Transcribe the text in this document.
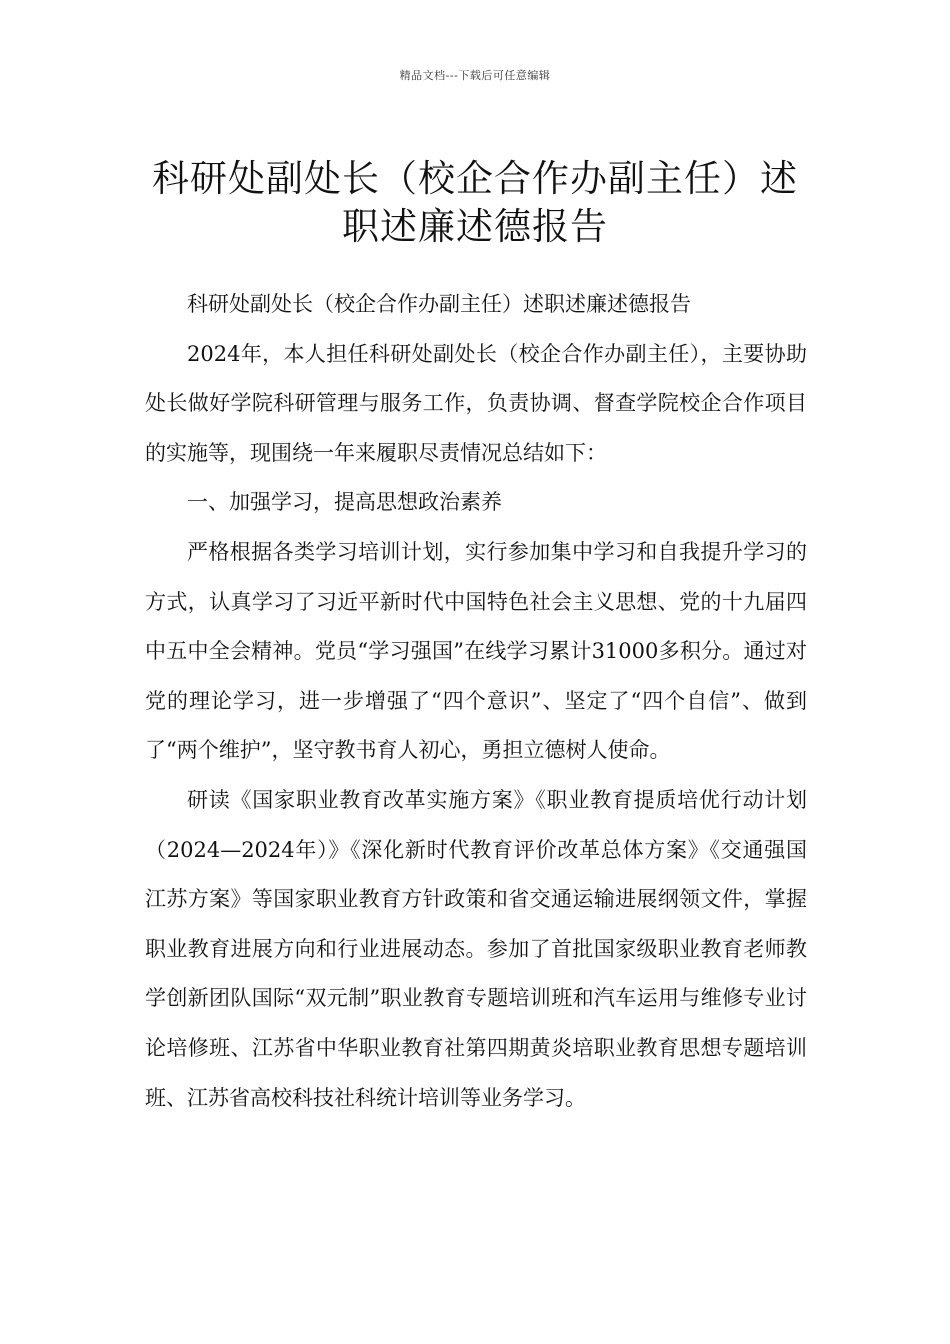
精品文档---下载后可任意编辑
科研处副处长（校企合作办副主任）述职述廉述德报告

科研处副处长（校企合作办副主任）述职述廉述德报告

2024年，本人担任科研处副处长（校企合作办副主任），主要协助处长做好学院科研管理与服务工作，负责协调、督查学院校企合作项目的实施等，现围绕一年来履职尽责情况总结如下：

一、加强学习，提高思想政治素养

严格根据各类学习培训计划，实行参加集中学习和自我提升学习的方式，认真学习了习近平新时代中国特色社会主义思想、党的十九届四中五中全会精神。党员“学习强国”在线学习累计31000多积分。通过对党的理论学习，进一步增强了“四个意识”、坚定了“四个自信”、做到了“两个维护”，坚守教书育人初心，勇担立德树人使命。

研读《国家职业教育改革实施方案》《职业教育提质培优行动计划（2024—2024年）》《深化新时代教育评价改革总体方案》《交通强国江苏方案》等国家职业教育方针政策和省交通运输进展纲领文件，掌握职业教育进展方向和行业进展动态。参加了首批国家级职业教育老师教学创新团队国际“双元制”职业教育专题培训班和汽车运用与维修专业讨论培修班、江苏省中华职业教育社第四期黄炎培职业教育思想专题培训班、江苏省高校科技社科统计培训等业务学习。
